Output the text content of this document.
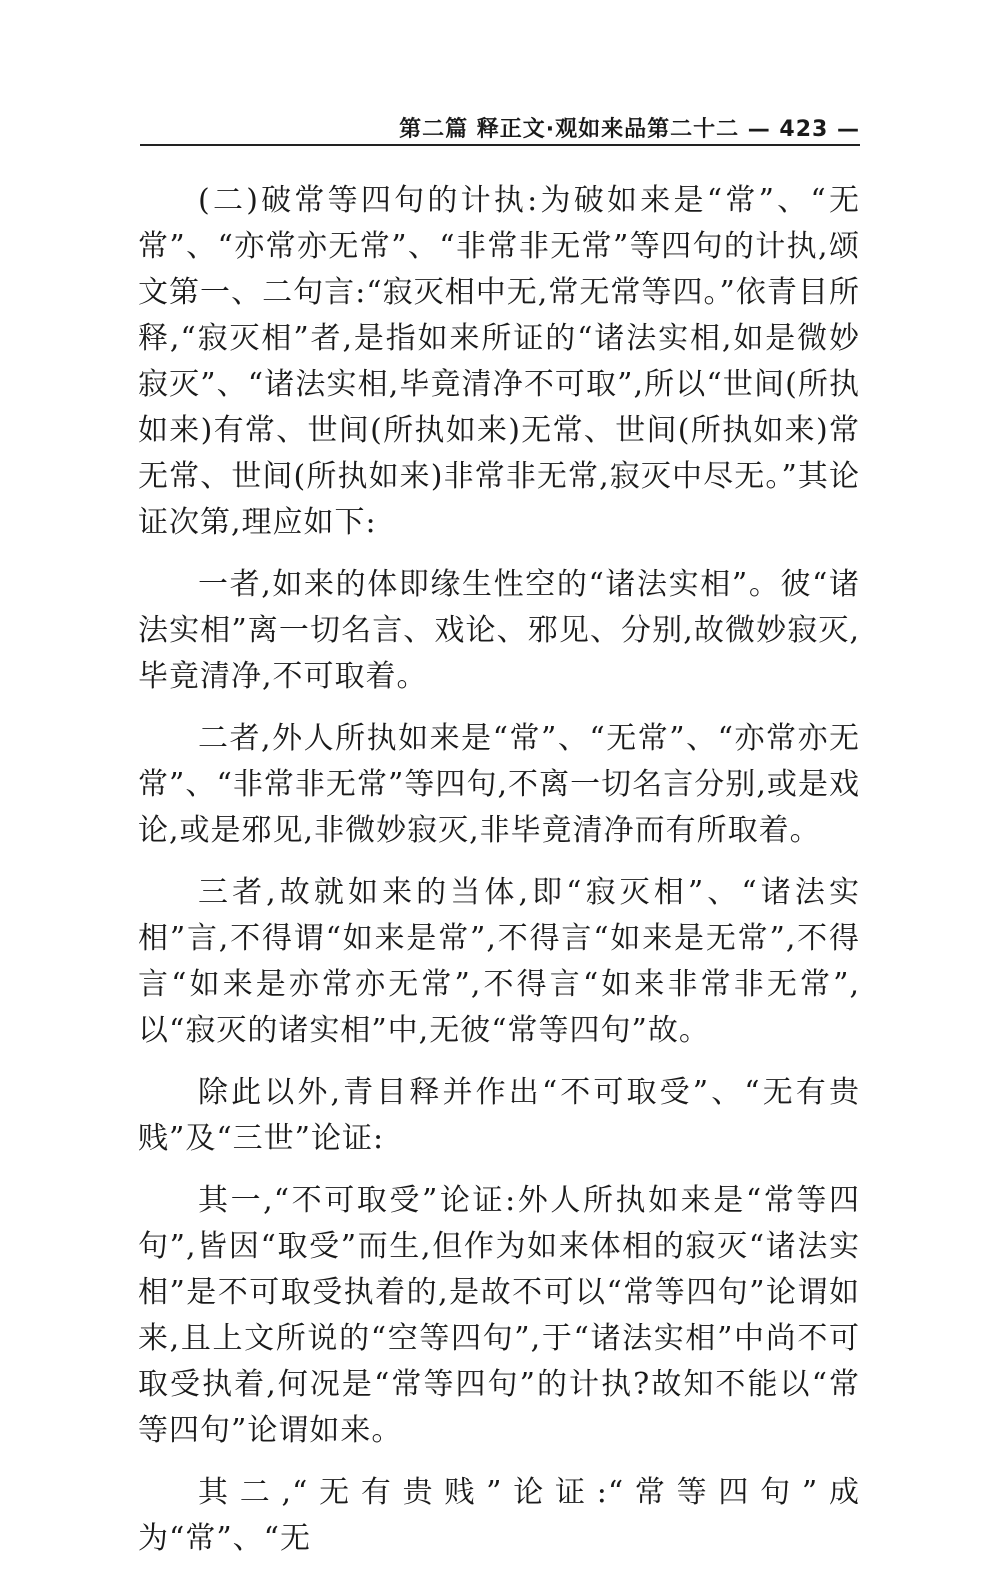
第二篇 释正文·观如来品第二十二 — 423 —

(二)破常等四句的计执:为破如来是“常”、“无常”、“亦常亦无常”、“非常非无常”等四句的计执,颂文第一、二句言:“寂灭相中无,常无常等四。”依青目所释,“寂灭相”者,是指如来所证的“诸法实相,如是微妙寂灭”、“诸法实相,毕竟清净不可取”,所以“世间(所执如来)有常、世间(所执如来)无常、世间(所执如来)常无常、世间(所执如来)非常非无常,寂灭中尽无。”其论证次第,理应如下:

一者,如来的体即缘生性空的“诸法实相”。彼“诸法实相”离一切名言、戏论、邪见、分别,故微妙寂灭,毕竟清净,不可取着。

二者,外人所执如来是“常”、“无常”、“亦常亦无常”、“非常非无常”等四句,不离一切名言分别,或是戏论,或是邪见,非微妙寂灭,非毕竟清净而有所取着。

三者,故就如来的当体,即“寂灭相”、“诸法实相”言,不得谓“如来是常”,不得言“如来是无常”,不得言“如来是亦常亦无常”,不得言“如来非常非无常”,以“寂灭的诸实相”中,无彼“常等四句”故。

除此以外,青目释并作出“不可取受”、“无有贵贱”及“三世”论证:

其一,“不可取受”论证:外人所执如来是“常等四句”,皆因“取受”而生,但作为如来体相的寂灭“诸法实相”是不可取受执着的,是故不可以“常等四句”论谓如来,且上文所说的“空等四句”,于“诸法实相”中尚不可取受执着,何况是“常等四句”的计执?故知不能以“常等四句”论谓如来。

其二,“无有贵贱”论证:“常等四句”成为“常”、“无
